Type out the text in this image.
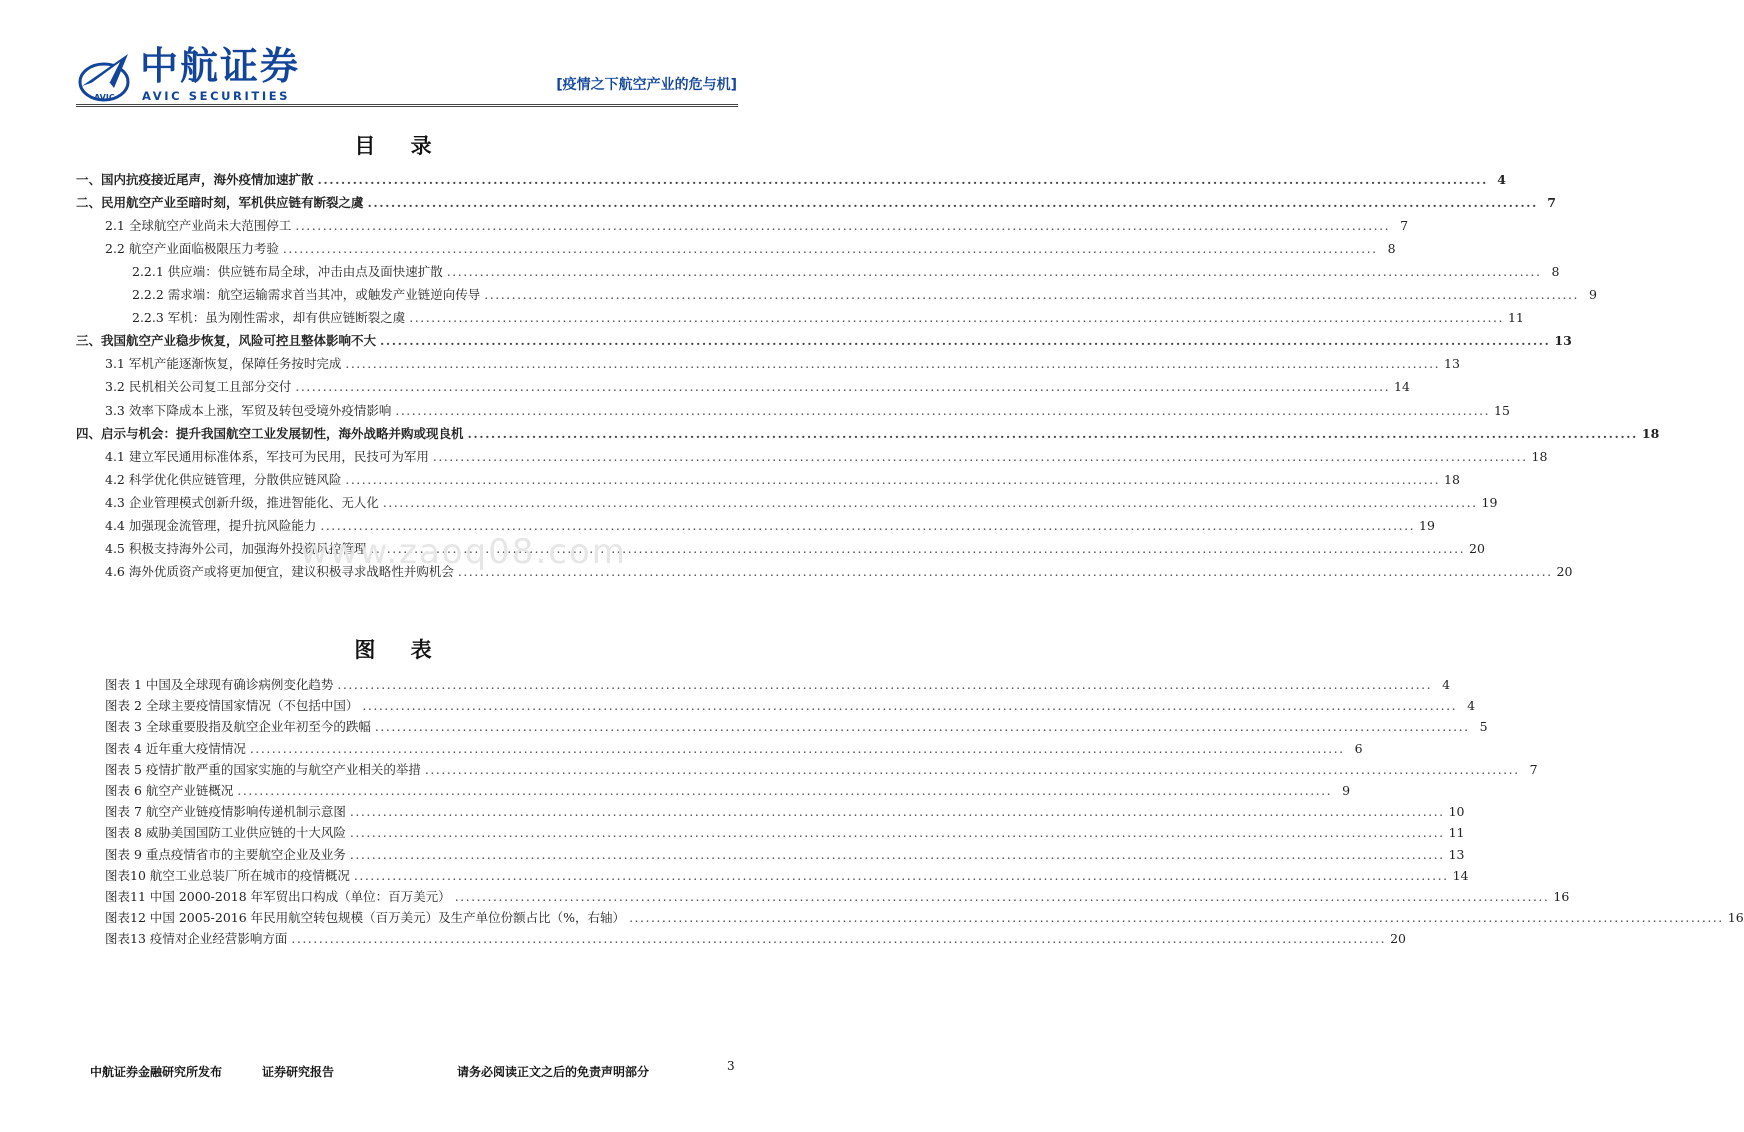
AVIC
中航证券
AVIC SECURITIES
[疫情之下航空产业的危与机]
目 录
一、国内抗疫接近尾声，海外疫情加速扩散 ........................................................................................................................................................................................................ 4
二、民用航空产业至暗时刻，军机供应链有断裂之虞 ........................................................................................................................................................................................................ 7
2.1 全球航空产业尚未大范围停工 ........................................................................................................................................................................................................ 7
2.2 航空产业面临极限压力考验 ........................................................................................................................................................................................................ 8
2.2.1 供应端：供应链布局全球，冲击由点及面快速扩散 ........................................................................................................................................................................................................ 8
2.2.2 需求端：航空运输需求首当其冲，或触发产业链逆向传导 ........................................................................................................................................................................................................ 9
2.2.3 军机：虽为刚性需求，却有供应链断裂之虞 ........................................................................................................................................................................................................ 11
三、我国航空产业稳步恢复，风险可控且整体影响不大 ........................................................................................................................................................................................................ 13
3.1 军机产能逐渐恢复，保障任务按时完成 ........................................................................................................................................................................................................ 13
3.2 民机相关公司复工且部分交付 ........................................................................................................................................................................................................ 14
3.3 效率下降成本上涨，军贸及转包受境外疫情影响 ........................................................................................................................................................................................................ 15
四、启示与机会：提升我国航空工业发展韧性，海外战略并购或现良机 ........................................................................................................................................................................................................ 18
4.1 建立军民通用标准体系，军技可为民用，民技可为军用 ........................................................................................................................................................................................................ 18
4.2 科学优化供应链管理，分散供应链风险 ........................................................................................................................................................................................................ 18
4.3 企业管理模式创新升级，推进智能化、无人化 ........................................................................................................................................................................................................ 19
4.4 加强现金流管理，提升抗风险能力 ........................................................................................................................................................................................................ 19
4.5 积极支持海外公司，加强海外投资风控管理 ........................................................................................................................................................................................................ 20
4.6 海外优质资产或将更加便宜，建议积极寻求战略性并购机会 ........................................................................................................................................................................................................ 20
图 表
图表 1 中国及全球现有确诊病例变化趋势 ........................................................................................................................................................................................................ 4
图表 2 全球主要疫情国家情况（不包括中国） ........................................................................................................................................................................................................ 4
图表 3 全球重要股指及航空企业年初至今的跌幅 ........................................................................................................................................................................................................ 5
图表 4 近年重大疫情情况 ........................................................................................................................................................................................................ 6
图表 5 疫情扩散严重的国家实施的与航空产业相关的举措 ........................................................................................................................................................................................................ 7
图表 6 航空产业链概况 ........................................................................................................................................................................................................ 9
图表 7 航空产业链疫情影响传递机制示意图 ........................................................................................................................................................................................................ 10
图表 8 威胁美国国防工业供应链的十大风险 ........................................................................................................................................................................................................ 11
图表 9 重点疫情省市的主要航空企业及业务 ........................................................................................................................................................................................................ 13
图表10 航空工业总装厂所在城市的疫情概况 ........................................................................................................................................................................................................ 14
图表11 中国 2000-2018 年军贸出口构成（单位：百万美元） ........................................................................................................................................................................................................ 16
图表12 中国 2005-2016 年民用航空转包规模（百万美元）及生产单位份额占比（%，右轴） ........................................................................................................................................................................................................ 16
图表13 疫情对企业经营影响方面 ........................................................................................................................................................................................................ 20
www.zaoq08.com
中航证券金融研究所发布	证券研究报告	请务必阅读正文之后的免责声明部分	3
